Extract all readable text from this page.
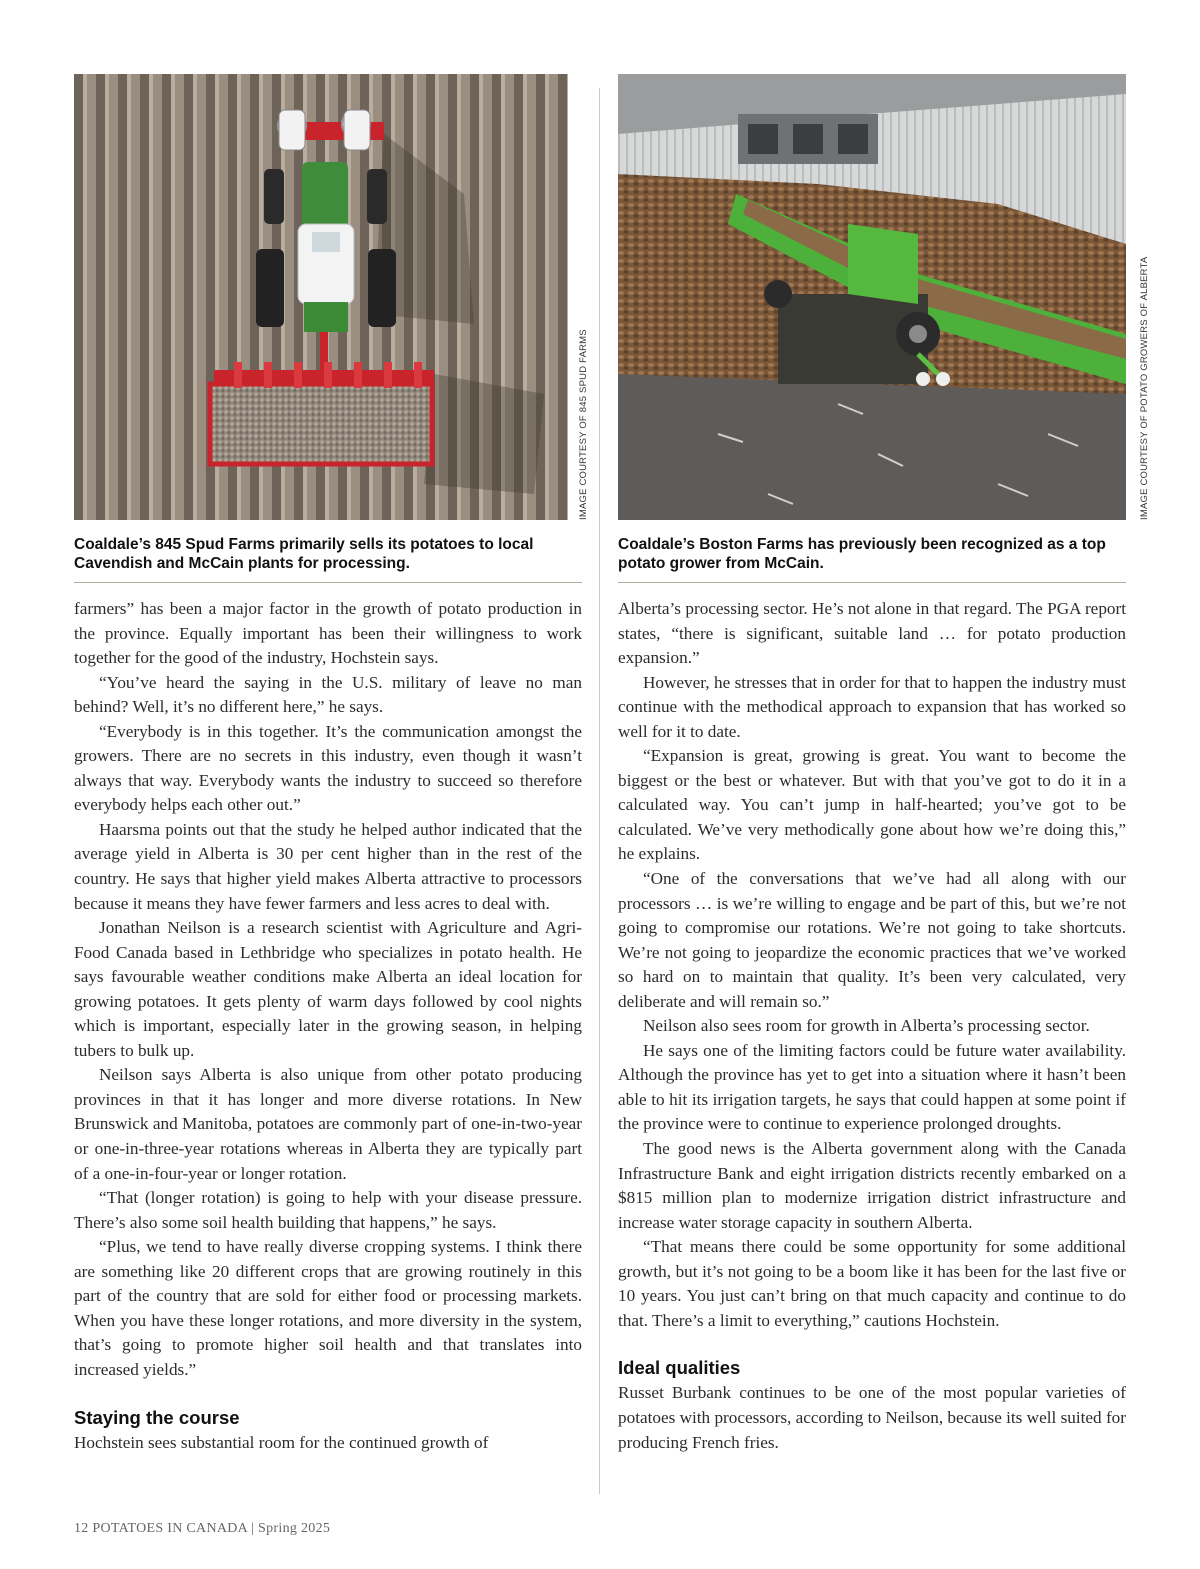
IMAGE COURTESY OF 845 SPUD FARMS	IMAGE COURTESY OF POTATO GROWERS OF ALBERTA
Coaldale’s 845 Spud Farms primarily sells its potatoes to local Cavendish and McCain plants for processing.
Coaldale’s Boston Farms has previously been recognized as a top potato grower from McCain.

farmers” has been a major factor in the growth of potato production in the province. Equally important has been their willingness to work together for the good of the industry, Hochstein says.

“You’ve heard the saying in the U.S. military of leave no man behind? Well, it’s no different here,” he says.

“Everybody is in this together. It’s the communication amongst the growers. There are no secrets in this industry, even though it wasn’t always that way. Everybody wants the industry to succeed so therefore everybody helps each other out.”

Haarsma points out that the study he helped author indicated that the average yield in Alberta is 30 per cent higher than in the rest of the country. He says that higher yield makes Alberta attractive to processors because it means they have fewer farmers and less acres to deal with.

Jonathan Neilson is a research scientist with Agriculture and Agri-Food Canada based in Lethbridge who specializes in potato health. He says favourable weather conditions make Alberta an ideal location for growing potatoes. It gets plenty of warm days followed by cool nights which is important, especially later in the growing season, in helping tubers to bulk up.

Neilson says Alberta is also unique from other potato producing provinces in that it has longer and more diverse rotations. In New Brunswick and Manitoba, potatoes are commonly part of one-in-two-year or one-in-three-year rotations whereas in Alberta they are typically part of a one-in-four-year or longer rotation.

“That (longer rotation) is going to help with your disease pressure. There’s also some soil health building that happens,” he says.

“Plus, we tend to have really diverse cropping systems. I think there are something like 20 different crops that are growing routinely in this part of the country that are sold for either food or processing markets. When you have these longer rotations, and more diversity in the system, that’s going to promote higher soil health and that translates into increased yields.”

Staying the course

Hochstein sees substantial room for the continued growth of

Alberta’s processing sector. He’s not alone in that regard. The PGA report states, “there is significant, suitable land … for potato production expansion.”

However, he stresses that in order for that to happen the industry must continue with the methodical approach to expansion that has worked so well for it to date.

“Expansion is great, growing is great. You want to become the biggest or the best or whatever. But with that you’ve got to do it in a calculated way. You can’t jump in half-hearted; you’ve got to be calculated. We’ve very methodically gone about how we’re doing this,” he explains.

“One of the conversations that we’ve had all along with our processors … is we’re willing to engage and be part of this, but we’re not going to compromise our rotations. We’re not going to take shortcuts. We’re not going to jeopardize the economic practices that we’ve worked so hard on to maintain that quality. It’s been very calculated, very deliberate and will remain so.”

Neilson also sees room for growth in Alberta’s processing sector.

He says one of the limiting factors could be future water availability. Although the province has yet to get into a situation where it hasn’t been able to hit its irrigation targets, he says that could happen at some point if the province were to continue to experience prolonged droughts.

The good news is the Alberta government along with the Canada Infrastructure Bank and eight irrigation districts recently embarked on a $815 million plan to modernize irrigation district infrastructure and increase water storage capacity in southern Alberta.

“That means there could be some opportunity for some additional growth, but it’s not going to be a boom like it has been for the last five or 10 years. You just can’t bring on that much capacity and continue to do that. There’s a limit to everything,” cautions Hochstein.

Ideal qualities

Russet Burbank continues to be one of the most popular varieties of potatoes with processors, according to Neilson, because its well suited for producing French fries.

12 POTATOES IN CANADA | Spring 2025
